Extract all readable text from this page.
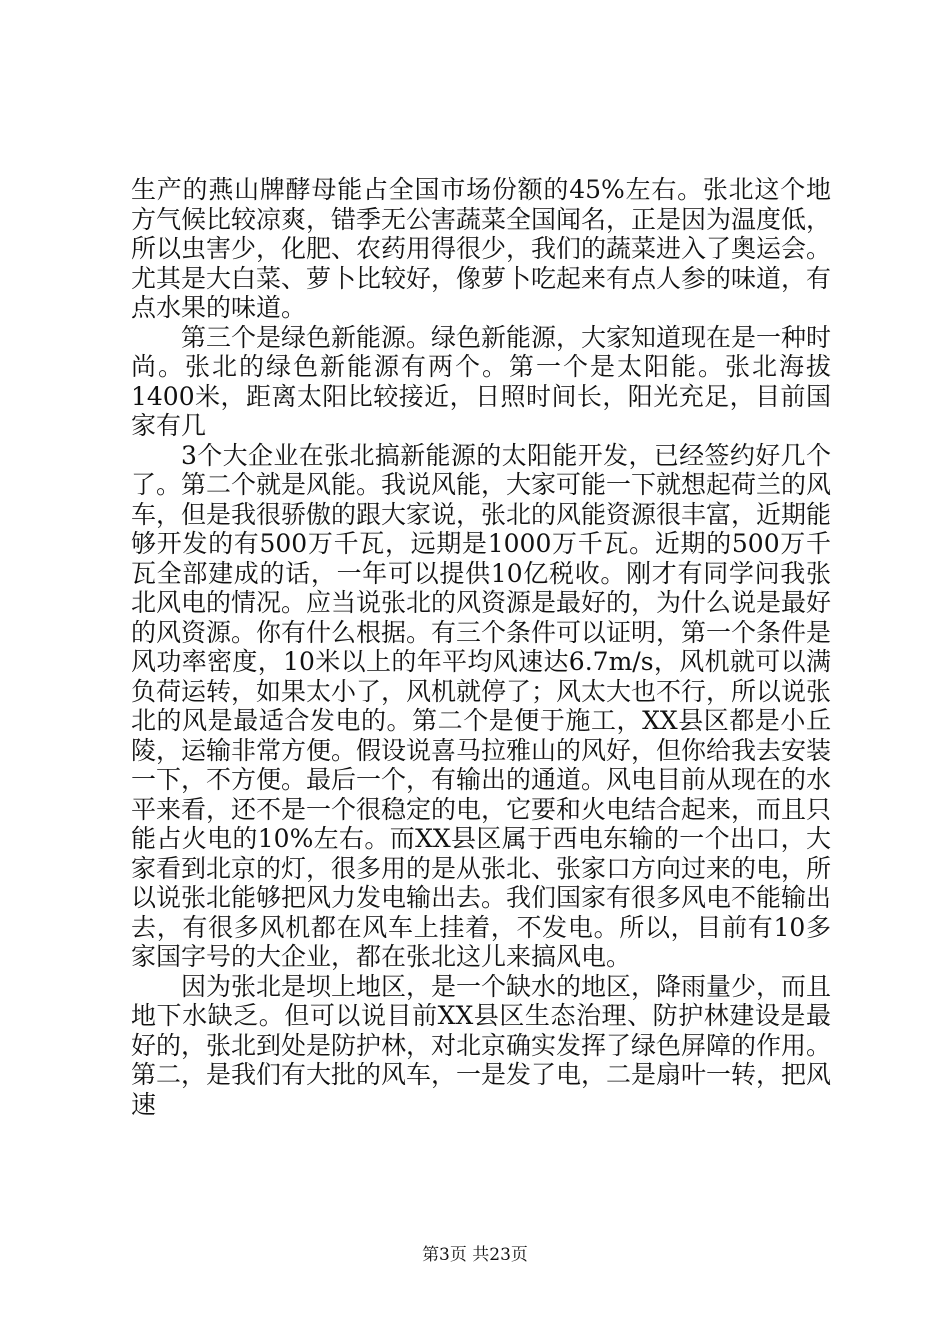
生产的燕山牌酵母能占全国市场份额的45%左右。张北这个地方气候比较凉爽，错季无公害蔬菜全国闻名，正是因为温度低，所以虫害少，化肥、农药用得很少，我们的蔬菜进入了奥运会。尤其是大白菜、萝卜比较好，像萝卜吃起来有点人参的味道，有点水果的味道。

第三个是绿色新能源。绿色新能源，大家知道现在是一种时尚。张北的绿色新能源有两个。第一个是太阳能。张北海拔1400米，距离太阳比较接近，日照时间长，阳光充足，目前国家有几

3个大企业在张北搞新能源的太阳能开发，已经签约好几个了。第二个就是风能。我说风能，大家可能一下就想起荷兰的风车，但是我很骄傲的跟大家说，张北的风能资源很丰富，近期能够开发的有500万千瓦，远期是1000万千瓦。近期的500万千瓦全部建成的话，一年可以提供10亿税收。刚才有同学问我张北风电的情况。应当说张北的风资源是最好的，为什么说是最好的风资源。你有什么根据。有三个条件可以证明，第一个条件是风功率密度，10米以上的年平均风速达6.7m/s，风机就可以满负荷运转，如果太小了，风机就停了；风太大也不行，所以说张北的风是最适合发电的。第二个是便于施工，XX县区都是小丘陵，运输非常方便。假设说喜马拉雅山的风好，但你给我去安装一下，不方便。最后一个，有输出的通道。风电目前从现在的水平来看，还不是一个很稳定的电，它要和火电结合起来，而且只能占火电的10%左右。而XX县区属于西电东输的一个出口，大家看到北京的灯，很多用的是从张北、张家口方向过来的电，所以说张北能够把风力发电输出去。我们国家有很多风电不能输出去，有很多风机都在风车上挂着，不发电。所以，目前有10多家国字号的大企业，都在张北这儿来搞风电。

因为张北是坝上地区，是一个缺水的地区，降雨量少，而且地下水缺乏。但可以说目前XX县区生态治理、防护林建设是最好的，张北到处是防护林，对北京确实发挥了绿色屏障的作用。第二，是我们有大批的风车，一是发了电，二是扇叶一转，把风速

第3页 共23页
